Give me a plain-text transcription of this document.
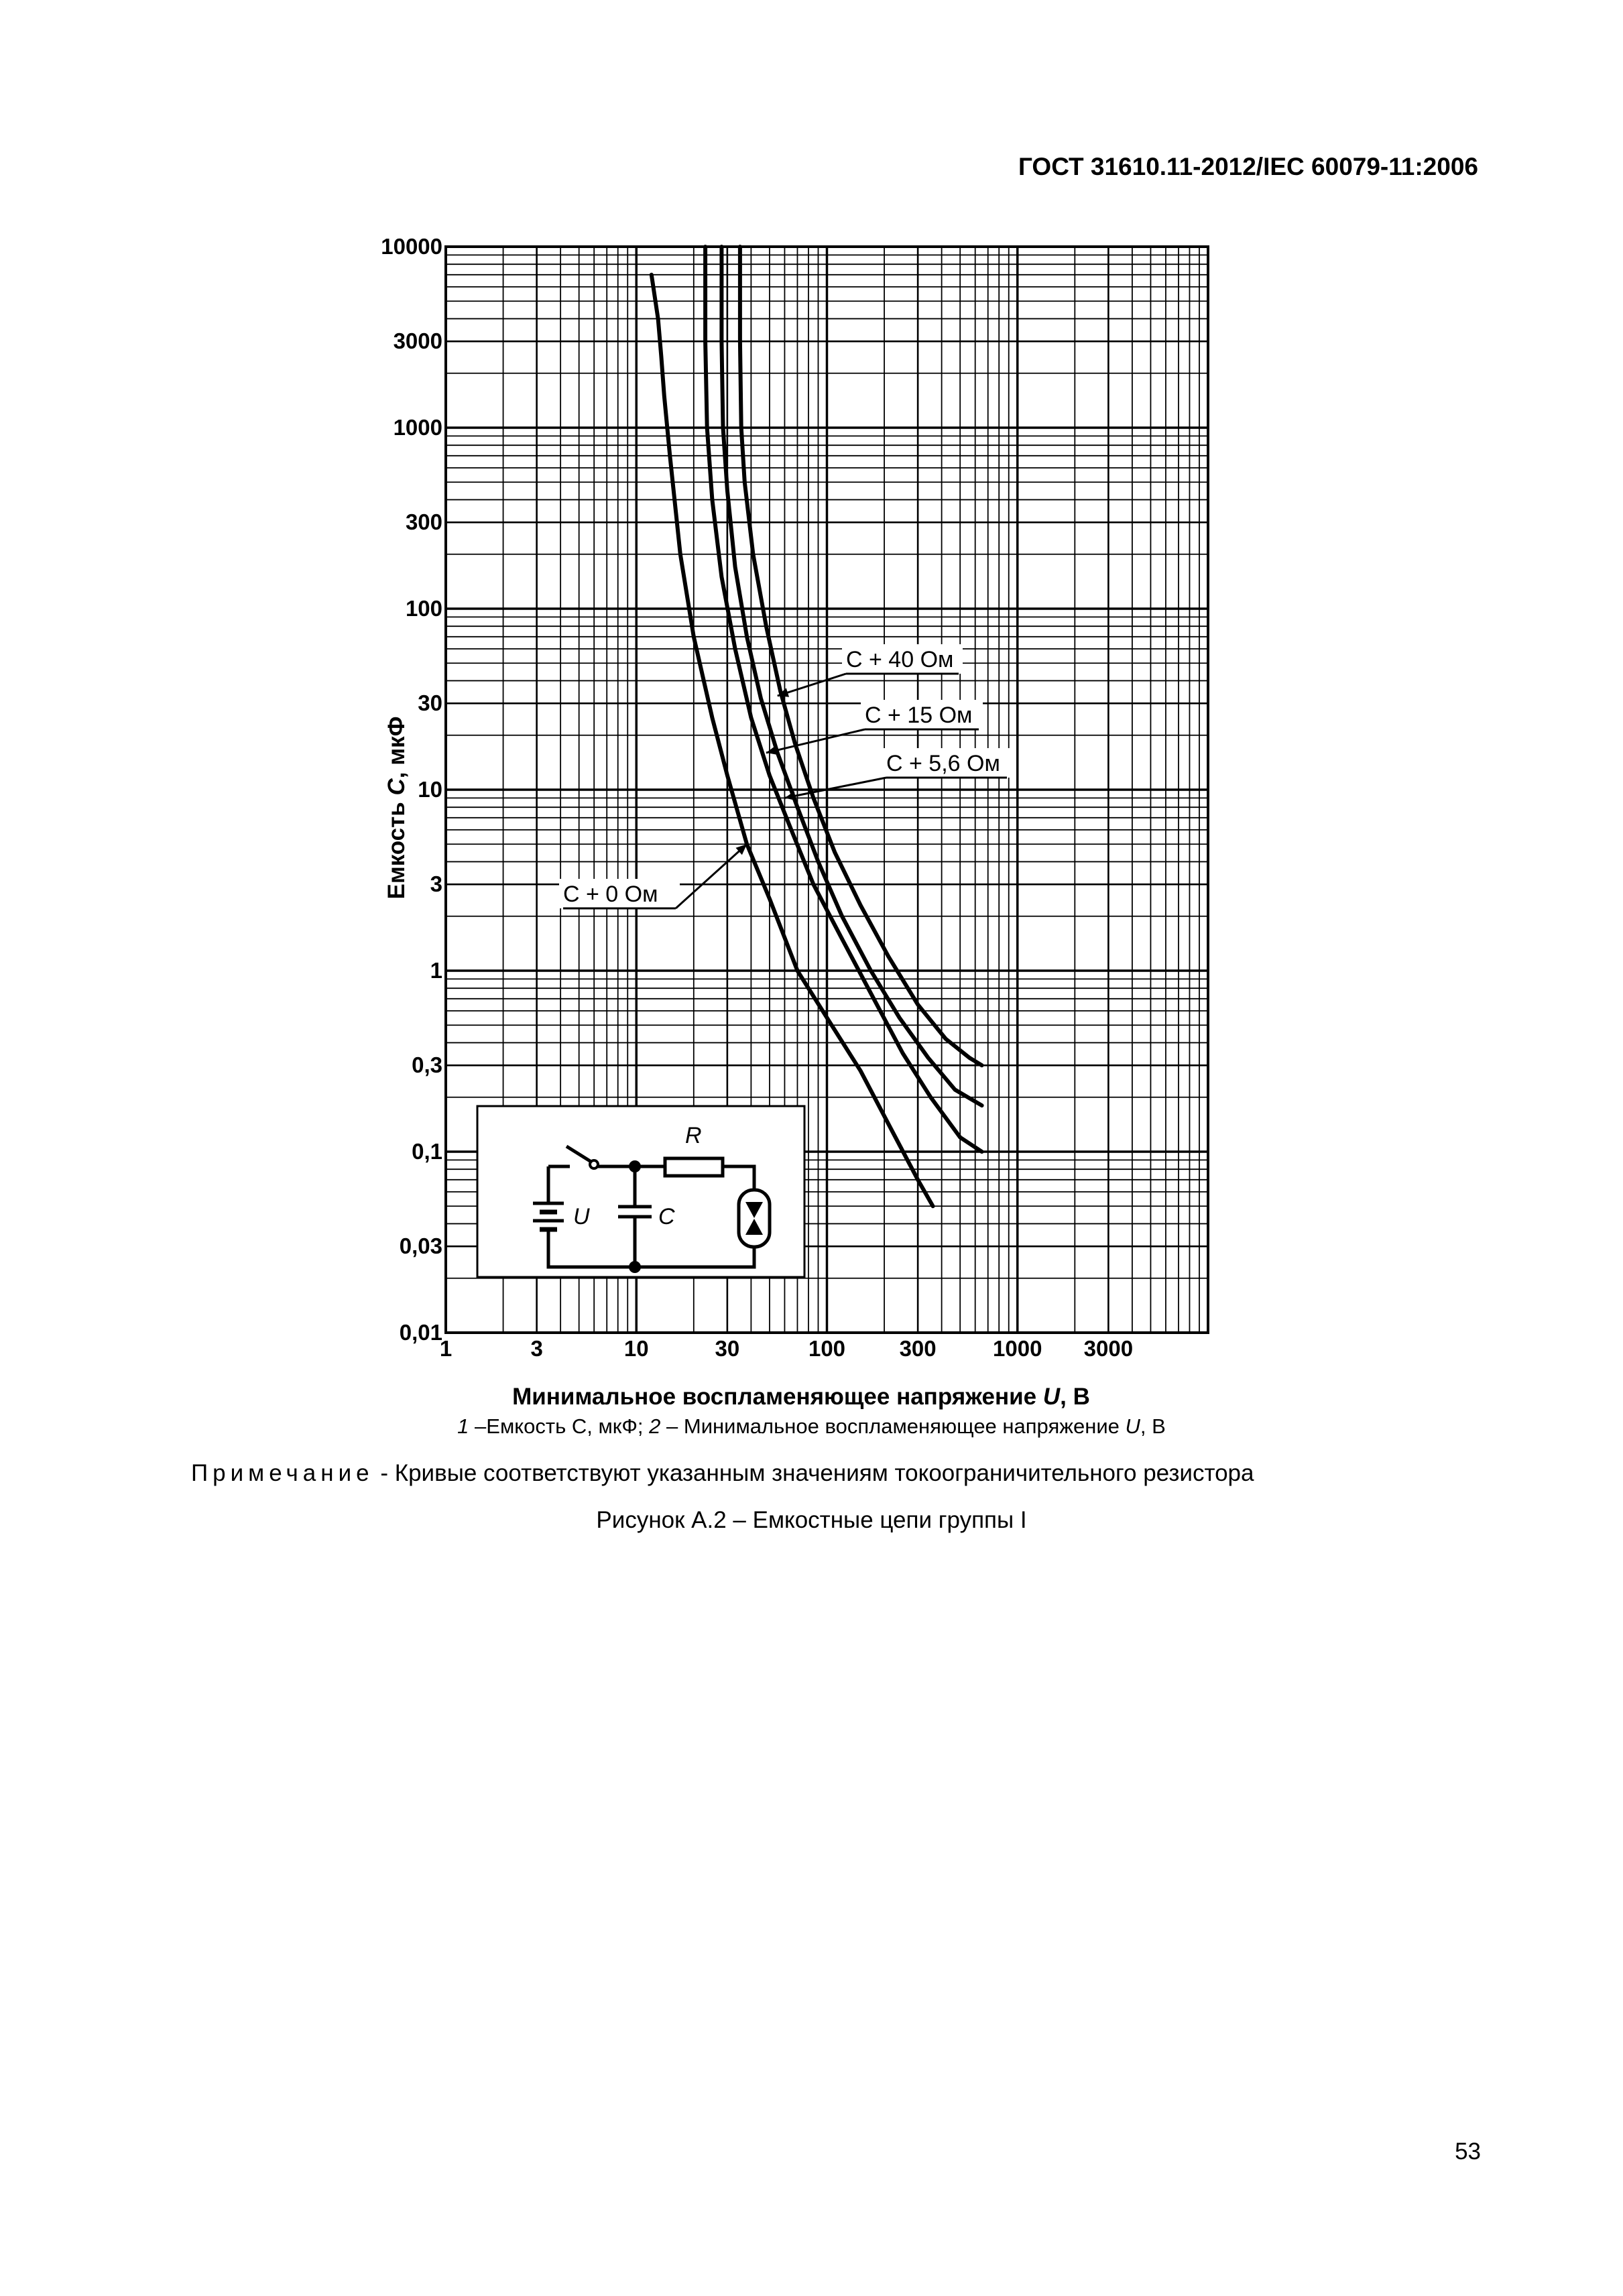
ГОСТ 31610.11-2012/IEC 60079-11:2006
1	3	10	30	100 300	1000 3000
10000
3000
1000
300
100
30
10
3
1
0,3
0,1
0,03
0,01
C + 40 Ом
C + 15 Ом
C + 5,6 Ом
C + 0 Ом
R
U	C
Минимальное воспламеняющее напряжение U, В
Емкость C, мкФ
1 –Емкость С, мкФ; 2 – Минимальное воспламеняющее напряжение U, В
Примечание - Кривые соответствуют указанным значениям токоограничительного резистора
Рисунок А.2 – Емкостные цепи группы I
53
